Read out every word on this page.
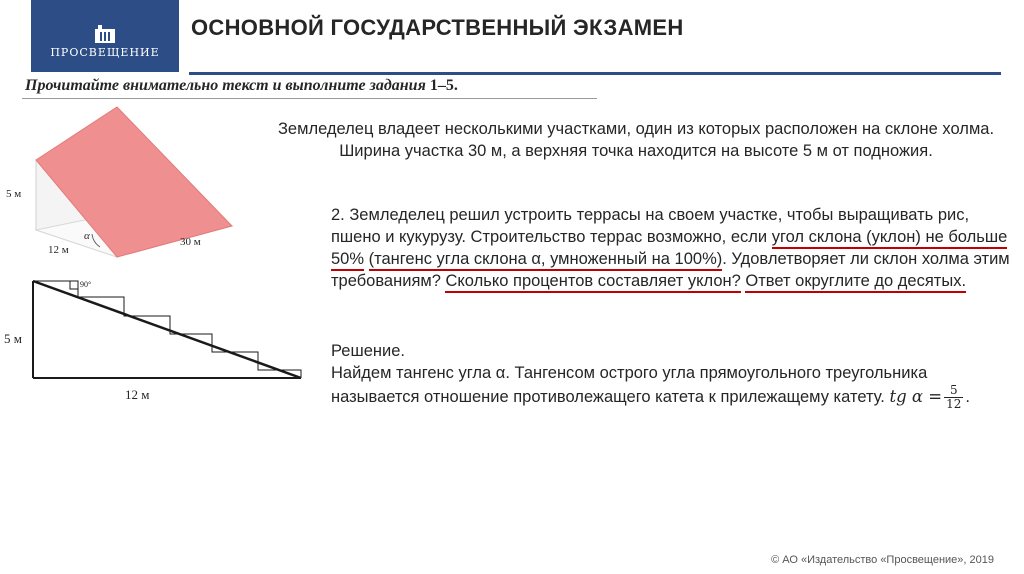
ПРОСВЕЩЕНИЕ
ОСНОВНОЙ ГОСУДАРСТВЕННЫЙ ЭКЗАМЕН
Прочитайте внимательно текст и выполните задания 1–5.
5 м
12 м
30 м
α
90°
5 м
12 м
Земледелец владеет несколькими участками, один из которых расположен на склоне холма. Ширина участка 30 м, а верхняя точка находится на высоте 5 м от подножия.
2. Земледелец решил устроить террасы на своем участке, чтобы выращивать рис, пшено и кукурузу. Строительство террас возможно, если угол склона (уклон) не больше 50% (тангенс угла склона α, умноженный на 100%). Удовлетворяет ли склон холма этим требованиям? Сколько процентов составляет уклон? Ответ округлите до десятых.
Решение.
Найдем тангенс угла α. Тангенсом острого угла прямоугольного треугольника называется отношение противолежащего катета к прилежащему катету. tg $\alpha = \frac{5}{12}$ .
© АО «Издательство «Просвещение», 2019
